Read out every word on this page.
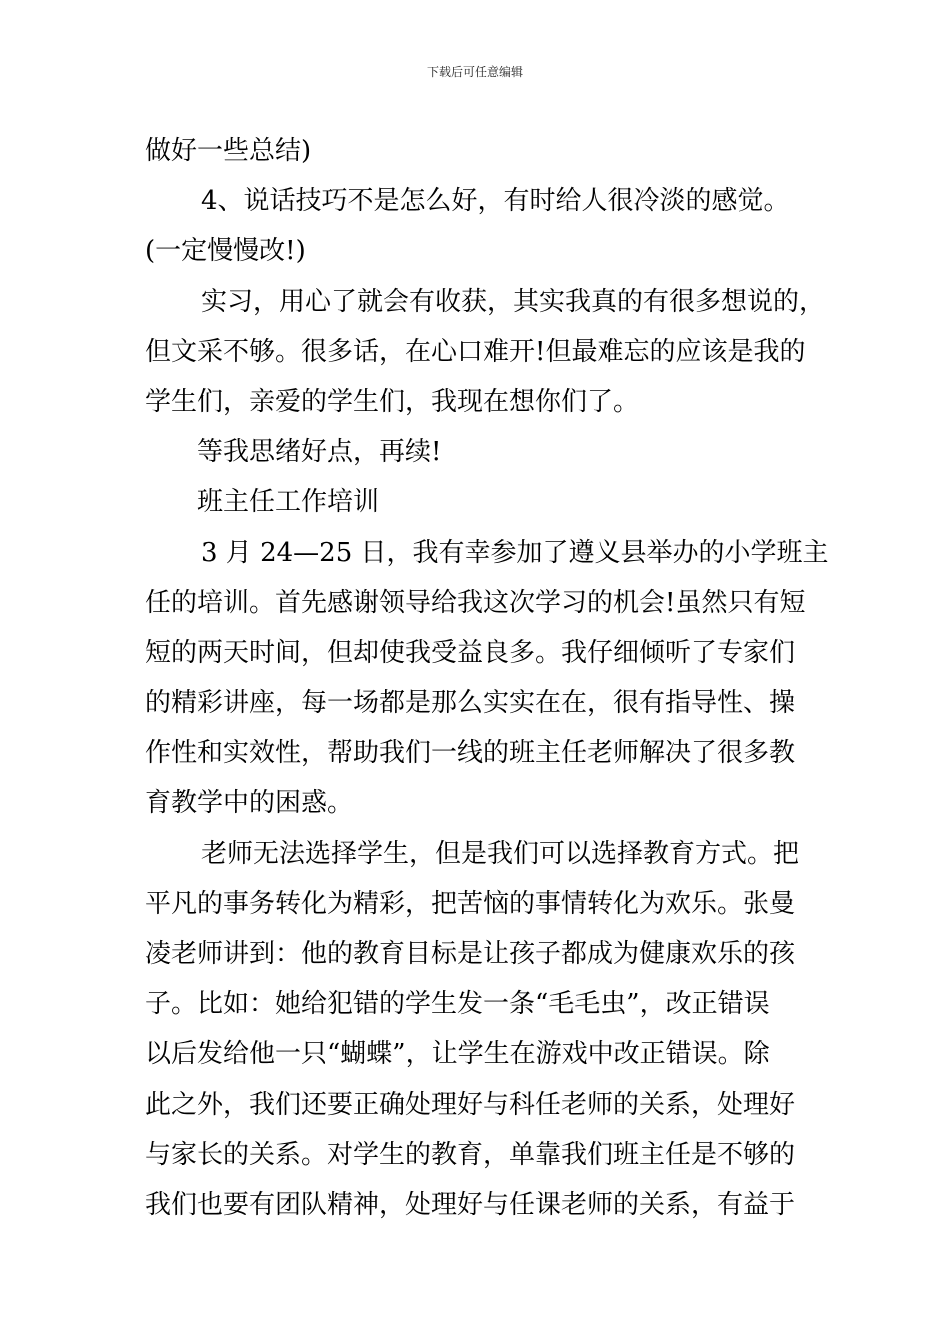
下载后可任意编辑
做好一些总结)
4、说话技巧不是怎么好，有时给人很冷淡的感觉。
(一定慢慢改!)
实习，用心了就会有收获，其实我真的有很多想说的，
但文采不够。很多话，在心口难开!但最难忘的应该是我的
学生们，亲爱的学生们，我现在想你们了。
等我思绪好点，再续!
班主任工作培训
3 月 24—25 日，我有幸参加了遵义县举办的小学班主
任的培训。首先感谢领导给我这次学习的机会!虽然只有短
短的两天时间，但却使我受益良多。我仔细倾听了专家们
的精彩讲座，每一场都是那么实实在在，很有指导性、操
作性和实效性，帮助我们一线的班主任老师解决了很多教
育教学中的困惑。
老师无法选择学生，但是我们可以选择教育方式。把
平凡的事务转化为精彩，把苦恼的事情转化为欢乐。张曼
凌老师讲到：他的教育目标是让孩子都成为健康欢乐的孩
子。比如：她给犯错的学生发一条“毛毛虫”，改正错误
以后发给他一只“蝴蝶”，让学生在游戏中改正错误。除
此之外，我们还要正确处理好与科任老师的关系，处理好
与家长的关系。对学生的教育，单靠我们班主任是不够的
我们也要有团队精神，处理好与任课老师的关系，有益于
